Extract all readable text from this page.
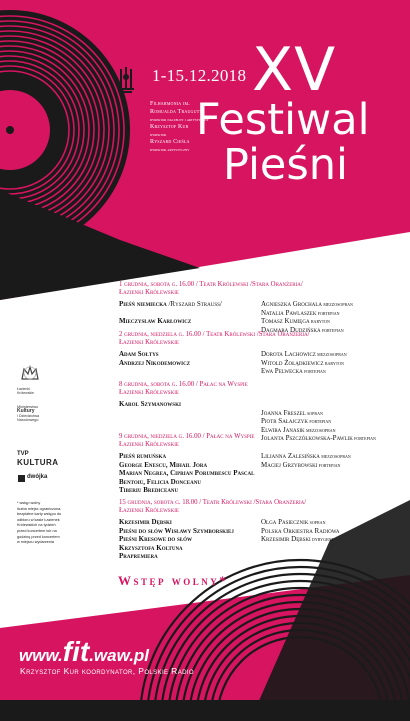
1-15.12.2018 XV
Festiwal
Pieśni
Filharmonia im.
Romualda Traugutta
dyrektor naczelny i artystyczny
Krzysztof Kur
dyrektor
Ryszard Cieśla
dyrektor artystyczny
1 grudnia, sobota g. 16.00 / Teatr Królewski /Stara Oranżeria/
Łazienki Królewskie
Pieśń niemiecka /Ryszard Strauss/	Agnieszka Grochala mezzosopran
Natalia Pawlaszek fortepian
Mieczysław Karłowicz	Tomasz Kumięga baryton
Dagmara Dudzińska fortepian
2 grudnia, niedziela g. 16.00 / Teatr Królewski /Stara Oranżeria/
Łazienki Królewskie
Adam Sołtys	Dorota Lachowicz mezzosopran
Andrzej Nikodemowicz	Witold Żołądkiewicz baryton
Ewa Pelwecka fortepian
8 grudnia, sobota g. 16.00 / Pałac na Wyspie
Łazienki Królewskie
Karol Szymanowski
Joanna Freszel sopran
Piotr Sałajczyk fortepian
Elwira Janasik mezzosopran
Jolanta Pszczółkowska-Pawlik fortepian
9 grudnia, niedziela g. 16.00 / Pałac na Wyspie
Łazienki Królewskie
Pieśń rumuńska	Lilianna Zalesińska mezzosopran
George Enescu, Mihail Jora	Maciej Grzybowski fortepian
Marian Negrea, Ciprian Porumbescu Pascal
Bentoiu, Felicia Donceanu
Tiberiu Brediceanu
15 grudnia, sobota g. 18.00 / Teatr Królewski /Stara Oranżeria/
Łazienki Królewskie
Krzesimir Dębski	Olga Pasiecznik sopran
Pieśni do słów Wisławy Szymborskiej	Polska Orkiestra Radiowa
Pieśni Kresowe do słów	Krzesimir Dębski dyrygent
Krzysztofa Koltuna
Prapremiera
Łazienki Królewskie
Ministerstwo
Kultury
i Dziedzictwa
Narodowego
TVP
KULTURA
dwójka
* wstęp wolny
liczba miejsc ograniczona.
bezpłatne karty wstępu do
odbioru w kasie Łazienek
Królewskich na tydzień
przed koncertem lub na
godzinę przed koncertem
w miejscu wydarzenia
Wstęp wolny*
www.fit.waw.pl
Krzysztof Kur koordynator, Polskie Radio
